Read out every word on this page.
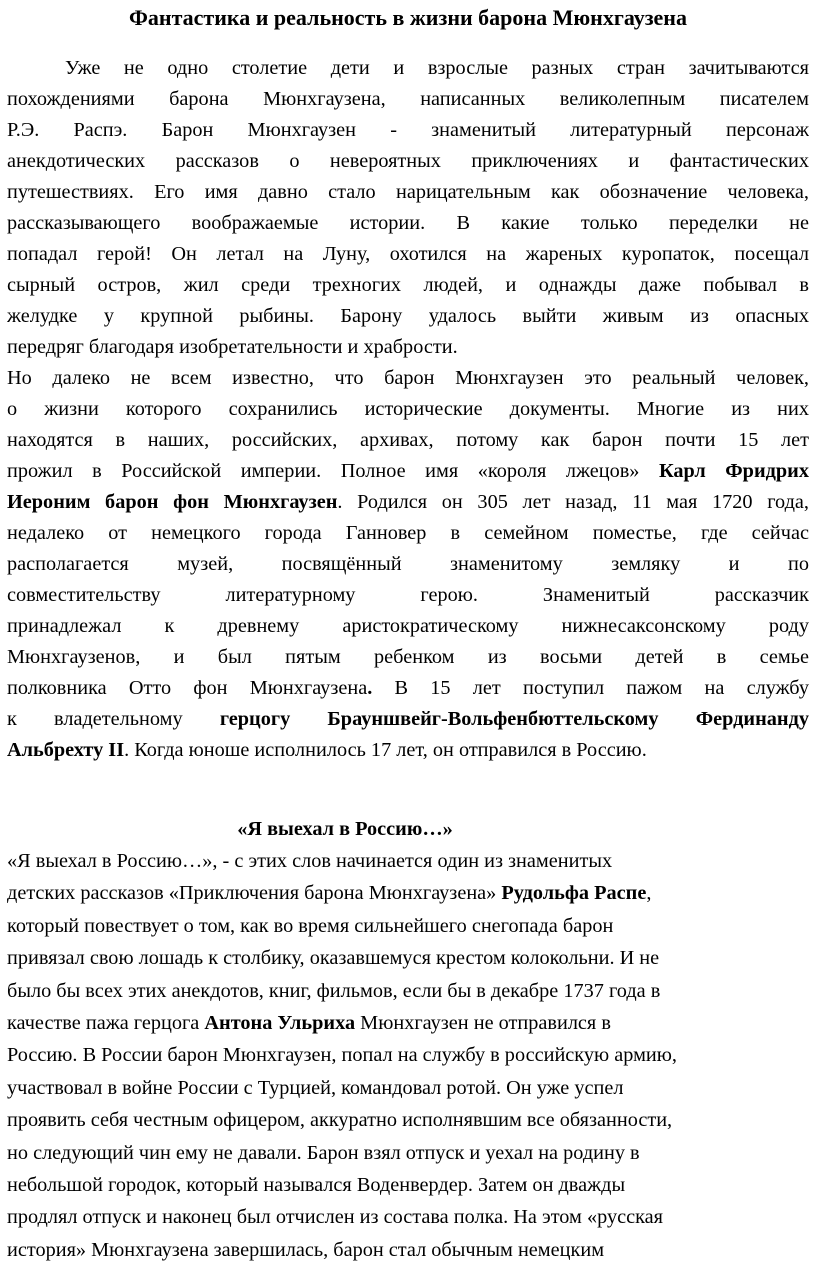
Фантастика и реальность в жизни барона Мюнхгаузена
Уже не одно столетие дети и взрослые разных стран зачитываются
похождениями барона Мюнхгаузена, написанных великолепным писателем
Р.Э. Распэ. Барон Мюнхгаузен - знаменитый литературный персонаж
анекдотических рассказов о невероятных приключениях и фантастических
путешествиях. Его имя давно стало нарицательным как обозначение человека,
рассказывающего воображаемые истории. В какие только переделки не
попадал герой! Он летал на Луну, охотился на жареных куропаток, посещал
сырный остров, жил среди трехногих людей, и однажды даже побывал в
желудке у крупной рыбины. Барону удалось выйти живым из опасных
передряг благодаря изобретательности и храбрости.
Но далеко не всем известно, что барон Мюнхгаузен это реальный человек,
о жизни которого сохранились исторические документы. Многие из них
находятся в наших, российских, архивах, потому как барон почти 15 лет
прожил в Российской империи. Полное имя «короля лжецов» Карл Фридрих
Иероним барон фон Мюнхгаузен. Родился он 305 лет назад, 11 мая 1720 года,
недалеко от немецкого города Ганновер в семейном поместье, где сейчас
располагается музей, посвящённый знаменитому земляку и по
совместительству литературному герою. Знаменитый рассказчик
принадлежал к древнему аристократическому нижнесаксонскому роду
Мюнхгаузенов, и был пятым ребенком из восьми детей в семье
полковника Отто фон Мюнхгаузена. В 15 лет поступил пажом на службу
к владетельному герцогу Брауншвейг-Вольфенбюттельскому Фердинанду
Альбрехту II. Когда юноше исполнилось 17 лет, он отправился в Россию.
«Я выехал в Россию…»
«Я выехал в Россию…», - с этих слов начинается один из знаменитых
детских рассказов «Приключения барона Мюнхгаузена» Рудольфа Распе,
который повествует о том, как во время сильнейшего снегопада барон
привязал свою лошадь к столбику, оказавшемуся крестом колокольни. И не
было бы всех этих анекдотов, книг, фильмов, если бы в декабре 1737 года в
качестве пажа герцога Антона Ульриха Мюнхгаузен не отправился в
Россию. В России барон Мюнхгаузен, попал на службу в российскую армию,
участвовал в войне России с Турцией, командовал ротой. Он уже успел
проявить себя честным офицером, аккуратно исполнявшим все обязанности,
но следующий чин ему не давали. Барон взял отпуск и уехал на родину в
небольшой городок, который назывался Воденвердер. Затем он дважды
продлял отпуск и наконец был отчислен из состава полка. На этом «русская
история» Мюнхгаузена завершилась, барон стал обычным немецким
